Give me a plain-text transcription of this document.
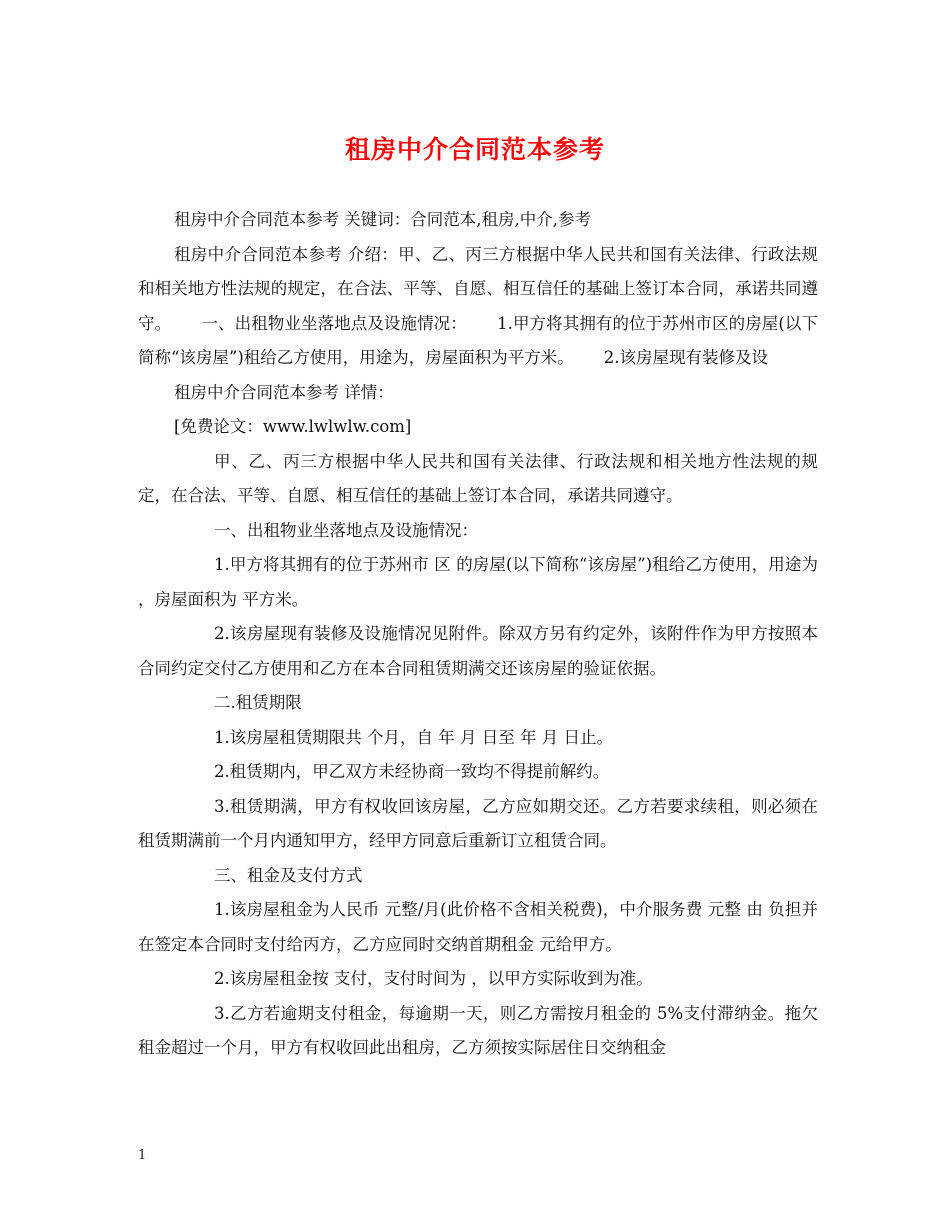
租房中介合同范本参考

租房中介合同范本参考 关键词：合同范本,租房,中介,参考

租房中介合同范本参考 介绍：甲、乙、丙三方根据中华人民共和国有关法律、行政法规和相关地方性法规的规定，在合法、平等、自愿、相互信任的基础上签订本合同，承诺共同遵守。　　 一、出租物业坐落地点及设施情况：　　 1.甲方将其拥有的位于苏州市区的房屋(以下简称“该房屋”)租给乙方使用，用途为，房屋面积为平方米。　　 2.该房屋现有装修及设

租房中介合同范本参考 详情：

[免费论文：www.lwlwlw.com]

甲、乙、丙三方根据中华人民共和国有关法律、行政法规和相关地方性法规的规定，在合法、平等、自愿、相互信任的基础上签订本合同，承诺共同遵守。

一、出租物业坐落地点及设施情况：

1.甲方将其拥有的位于苏州市 区 的房屋(以下简称“该房屋”)租给乙方使用，用途为 ，房屋面积为 平方米。

2.该房屋现有装修及设施情况见附件。除双方另有约定外，该附件作为甲方按照本合同约定交付乙方使用和乙方在本合同租赁期满交还该房屋的验证依据。

二.租赁期限

1.该房屋租赁期限共 个月，自 年 月 日至 年 月 日止。

2.租赁期内，甲乙双方未经协商一致均不得提前解约。

3.租赁期满，甲方有权收回该房屋，乙方应如期交还。乙方若要求续租，则必须在租赁期满前一个月内通知甲方，经甲方同意后重新订立租赁合同。

三、租金及支付方式

1.该房屋租金为人民币 元整/月(此价格不含相关税费)，中介服务费 元整 由 负担并在签定本合同时支付给丙方，乙方应同时交纳首期租金 元给甲方。

2.该房屋租金按 支付，支付时间为 ，以甲方实际收到为准。

3.乙方若逾期支付租金，每逾期一天，则乙方需按月租金的 5%支付滞纳金。拖欠租金超过一个月，甲方有权收回此出租房，乙方须按实际居住日交纳租金

1
